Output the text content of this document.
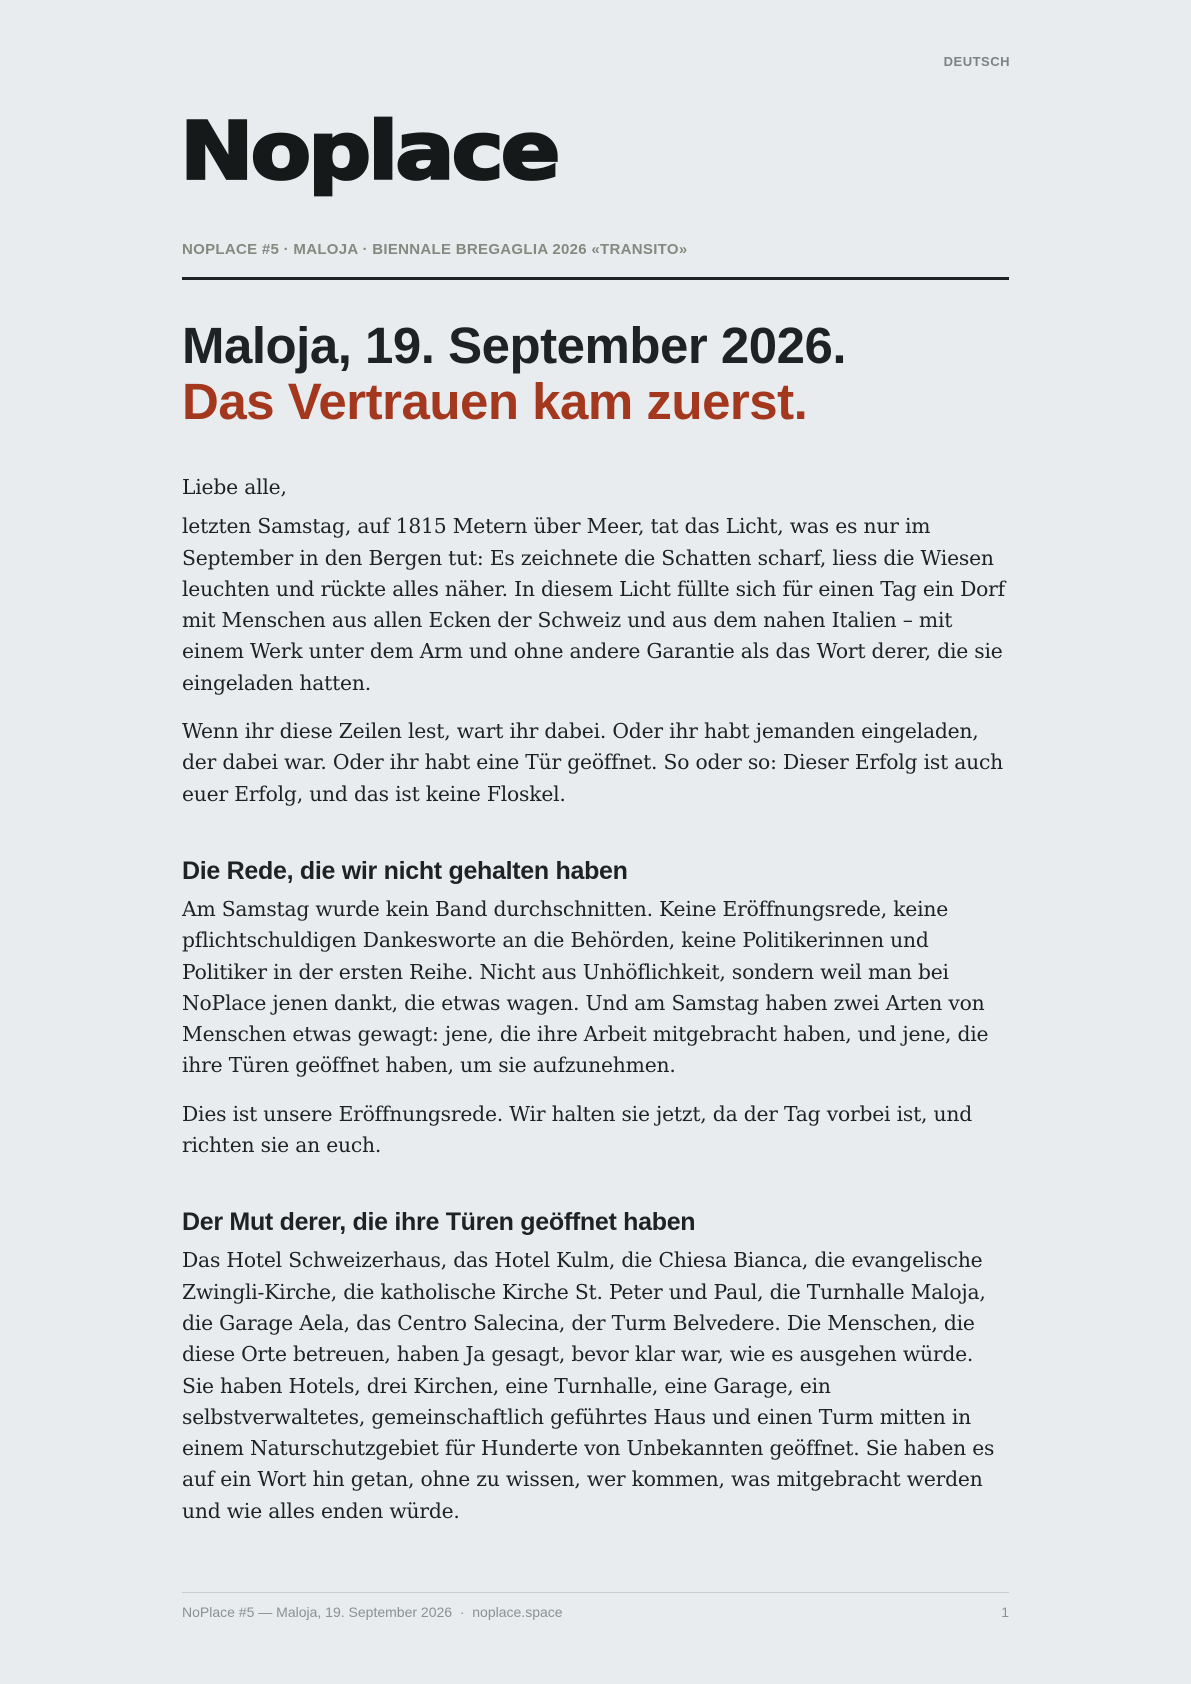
DEUTSCH
Noplace
NOPLACE #5 · MALOJA · BIENNALE BREGAGLIA 2026 «TRANSITO»
Maloja, 19. September 2026.
Das Vertrauen kam zuerst.

Liebe alle,

letzten Samstag, auf 1815 Metern über Meer, tat das Licht, was es nur im September in den Bergen tut: Es zeichnete die Schatten scharf, liess die Wiesen leuchten und rückte alles näher. In diesem Licht füllte sich für einen Tag ein Dorf mit Menschen aus allen Ecken der Schweiz und aus dem nahen Italien – mit einem Werk unter dem Arm und ohne andere Garantie als das Wort derer, die sie eingeladen hatten.

Wenn ihr diese Zeilen lest, wart ihr dabei. Oder ihr habt jemanden eingeladen, der dabei war. Oder ihr habt eine Tür geöffnet. So oder so: Dieser Erfolg ist auch euer Erfolg, und das ist keine Floskel.

Die Rede, die wir nicht gehalten haben

Am Samstag wurde kein Band durchschnitten. Keine Eröffnungsrede, keine pflichtschuldigen Dankesworte an die Behörden, keine Politikerinnen und Politiker in der ersten Reihe. Nicht aus Unhöflichkeit, sondern weil man bei NoPlace jenen dankt, die etwas wagen. Und am Samstag haben zwei Arten von Menschen etwas gewagt: jene, die ihre Arbeit mitgebracht haben, und jene, die ihre Türen geöffnet haben, um sie aufzunehmen.

Dies ist unsere Eröffnungsrede. Wir halten sie jetzt, da der Tag vorbei ist, und richten sie an euch.

Der Mut derer, die ihre Türen geöffnet haben

Das Hotel Schweizerhaus, das Hotel Kulm, die Chiesa Bianca, die evangelische Zwingli-Kirche, die katholische Kirche St. Peter und Paul, die Turnhalle Maloja, die Garage Aela, das Centro Salecina, der Turm Belvedere. Die Menschen, die diese Orte betreuen, haben Ja gesagt, bevor klar war, wie es ausgehen würde. Sie haben Hotels, drei Kirchen, eine Turnhalle, eine Garage, ein selbstverwaltetes, gemeinschaftlich geführtes Haus und einen Turm mitten in einem Naturschutzgebiet für Hunderte von Unbekannten geöffnet. Sie haben es auf ein Wort hin getan, ohne zu wissen, wer kommen, was mitgebracht werden und wie alles enden würde.

NoPlace #5 — Maloja, 19. September 2026  ·  noplace.space	1
